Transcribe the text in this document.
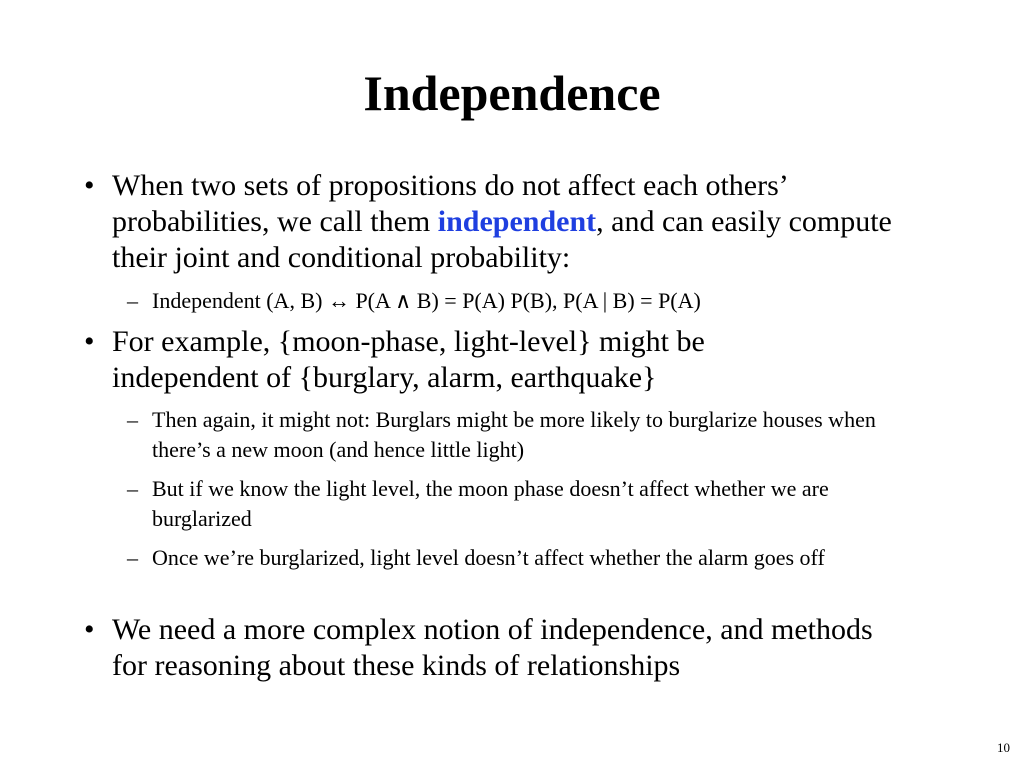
Independence
• When two sets of propositions do not affect each others’ probabilities, we call them independent, and can easily compute their joint and conditional probability:
– Independent (A, B) ↔ P(A ∧ B) = P(A) P(B), P(A | B) = P(A)
• For example, {moon-phase, light-level} might be independent of {burglary, alarm, earthquake}
– Then again, it might not: Burglars might be more likely to burglarize houses when there’s a new moon (and hence little light)
– But if we know the light level, the moon phase doesn’t affect whether we are burglarized
– Once we’re burglarized, light level doesn’t affect whether the alarm goes off
• We need a more complex notion of independence, and methods for reasoning about these kinds of relationships
10
